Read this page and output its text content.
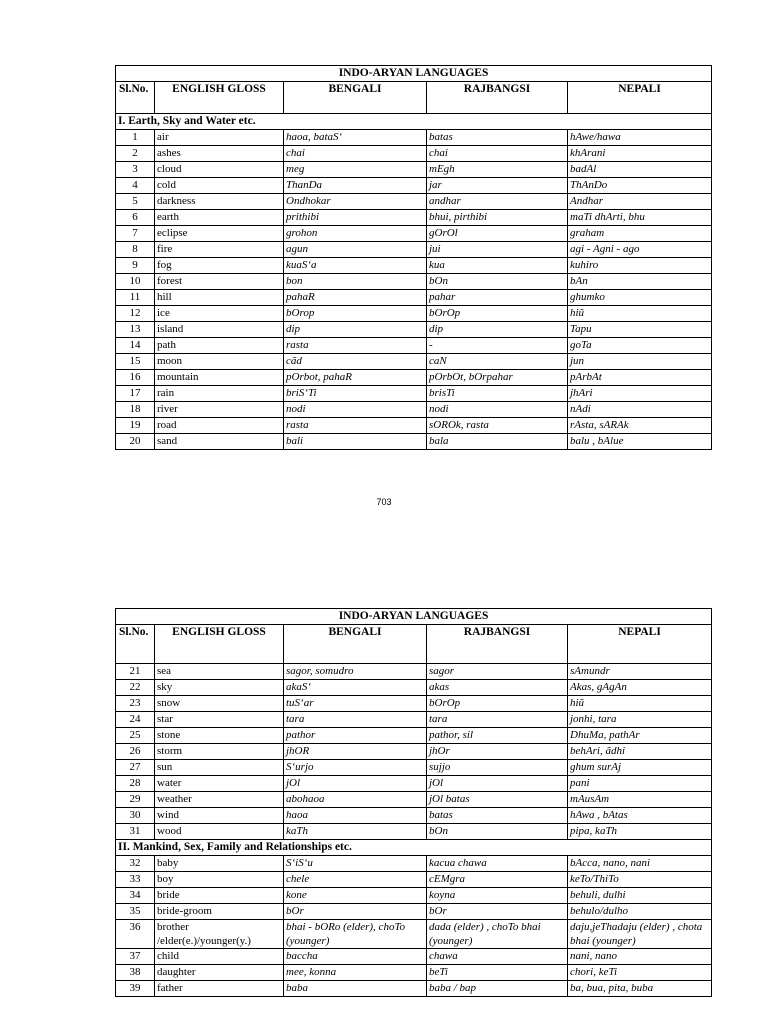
INDO-ARYAN LANGUAGES				
Sl.No.	ENGLISH GLOSS	BENGALI	RAJBANGSI	NEPALI
I. Earth, Sky and Water etc.				
1	air	haoa, bataS‘	batas	hAwe/hawa
2	ashes	chai	chai	khArani
3	cloud	meg	mEgh	badAl
4	cold	ThanDa	jar	ThAnDo
5	darkness	Ondhokar	andhar	Andhar
6	earth	prithibi	bhui, pirthibi	maTi dhArti, bhu
7	eclipse	grohon	gOrOl	graham
8	fire	agun	jui	agi - Agni - ago
9	fog	kuaS‘a	kua	kuhiro
10	forest	bon	bOn	bAn
11	hill	pahaR	pahar	ghumko
12	ice	bOrop	bOrOp	hiũ
13	island	dip	dip	Tapu
14	path	rasta	-	goTa
15	moon	cãd	caN	jun
16	mountain	pOrbot, pahaR	pOrbOt, bOrpahar	pArbAt
17	rain	briS‘Ti	brisTi	jhAri
18	river	nodi	nodi	nAdi
19	road	rasta	sOROk, rasta	rAsta, sARAk
20	sand	bali	bala	balu , bAlue
703
INDO-ARYAN LANGUAGES				
Sl.No.	ENGLISH GLOSS	BENGALI	RAJBANGSI	NEPALI
21	sea	sagor, somudro	sagor	sAmundr
22	sky	akaS‘	akas	Akas, gAgAn
23	snow	tuS‘ar	bOrOp	hiũ
24	star	tara	tara	jonhi, tara
25	stone	pathor	pathor, sil	DhuMa, pathAr
26	storm	jhOR	jhOr	behAri, ãdhi
27	sun	S‘urjo	sujjo	ghum surAj
28	water	jOl	jOl	pani
29	weather	abohaoa	jOl batas	mAusAm
30	wind	haoa	batas	hAwa , bAtas
31	wood	kaTh	bOn	pipa, kaTh
II. Mankind, Sex, Family and Relationships etc.				
32	baby	S‘iS‘u	kacua chawa	bAcca, nano, nani
33	boy	chele	cEMgra	keTo/ThiTo
34	bride	kone	koyna	behuli, dulhi
35	bride-groom	bOr	bOr	behulo/dulho
36	brother /elder(e.)/younger(y.)	bhai - bORo (elder), choTo (younger)	dada (elder) , choTo bhai (younger)	daju,jeThadaju (elder) , chota bhai (younger)
37	child	baccha	chawa	nani, nano
38	daughter	mee, konna	beTi	chori, keTi
39	father	baba	baba / bap	ba, bua, pita, buba
